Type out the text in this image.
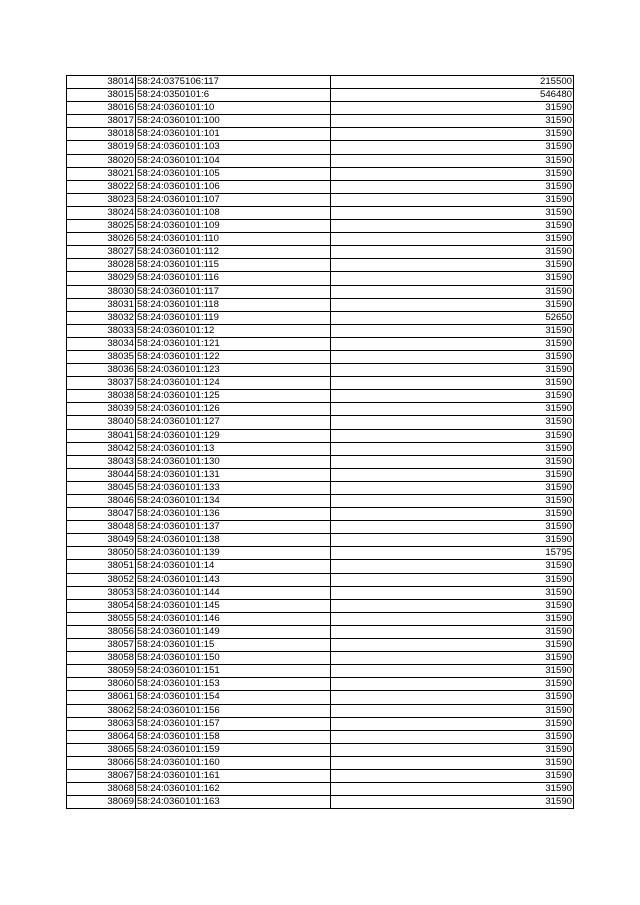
38014	58:24:0375106:117	215500
38015	58:24:0350101:6	546480
38016	58:24:0360101:10	31590
38017	58:24:0360101:100	31590
38018	58:24:0360101:101	31590
38019	58:24:0360101:103	31590
38020	58:24:0360101:104	31590
38021	58:24:0360101:105	31590
38022	58:24:0360101:106	31590
38023	58:24:0360101:107	31590
38024	58:24:0360101:108	31590
38025	58:24:0360101:109	31590
38026	58:24:0360101:110	31590
38027	58:24:0360101:112	31590
38028	58:24:0360101:115	31590
38029	58:24:0360101:116	31590
38030	58:24:0360101:117	31590
38031	58:24:0360101:118	31590
38032	58:24:0360101:119	52650
38033	58:24:0360101:12	31590
38034	58:24:0360101:121	31590
38035	58:24:0360101:122	31590
38036	58:24:0360101:123	31590
38037	58:24:0360101:124	31590
38038	58:24:0360101:125	31590
38039	58:24:0360101:126	31590
38040	58:24:0360101:127	31590
38041	58:24:0360101:129	31590
38042	58:24:0360101:13	31590
38043	58:24:0360101:130	31590
38044	58:24:0360101:131	31590
38045	58:24:0360101:133	31590
38046	58:24:0360101:134	31590
38047	58:24:0360101:136	31590
38048	58:24:0360101:137	31590
38049	58:24:0360101:138	31590
38050	58:24:0360101:139	15795
38051	58:24:0360101:14	31590
38052	58:24:0360101:143	31590
38053	58:24:0360101:144	31590
38054	58:24:0360101:145	31590
38055	58:24:0360101:146	31590
38056	58:24:0360101:149	31590
38057	58:24:0360101:15	31590
38058	58:24:0360101:150	31590
38059	58:24:0360101:151	31590
38060	58:24:0360101:153	31590
38061	58:24:0360101:154	31590
38062	58:24:0360101:156	31590
38063	58:24:0360101:157	31590
38064	58:24:0360101:158	31590
38065	58:24:0360101:159	31590
38066	58:24:0360101:160	31590
38067	58:24:0360101:161	31590
38068	58:24:0360101:162	31590
38069	58:24:0360101:163	31590
